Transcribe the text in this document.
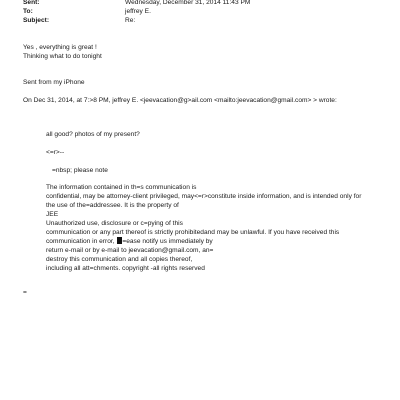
Sent:	Wednesday, December 31, 2014 11:43 PM
To:	jeffrey E.
Subject:	Re:
Yes , everything is great !
Thinking what to do tonight
Sent from my iPhone
On Dec 31, 2014, at 7:>8 PM, jeffrey E. <jeevacation@g>ail.com <mailto:jeevacation@gmail.com> > wrote:
all good? photos of my present?
<=r>--
=nbsp; please note
The information contained in th=s communication is
confidential, may be attorney-client privileged, may<=r>constitute inside information, and is intended only for
the use of the=addressee. It is the property of
JEE
Unauthorized use, disclosure or c=pying of this
communication or any part thereof is strictly prohibitedand may be unlawful. If you have received this
communication in error, =ease notify us immediately by
return e-mail or by e-mail to jeevacation@gmail.com, an=
destroy this communication and all copies thereof,
including all att=chments. copyright -all rights reserved
=
